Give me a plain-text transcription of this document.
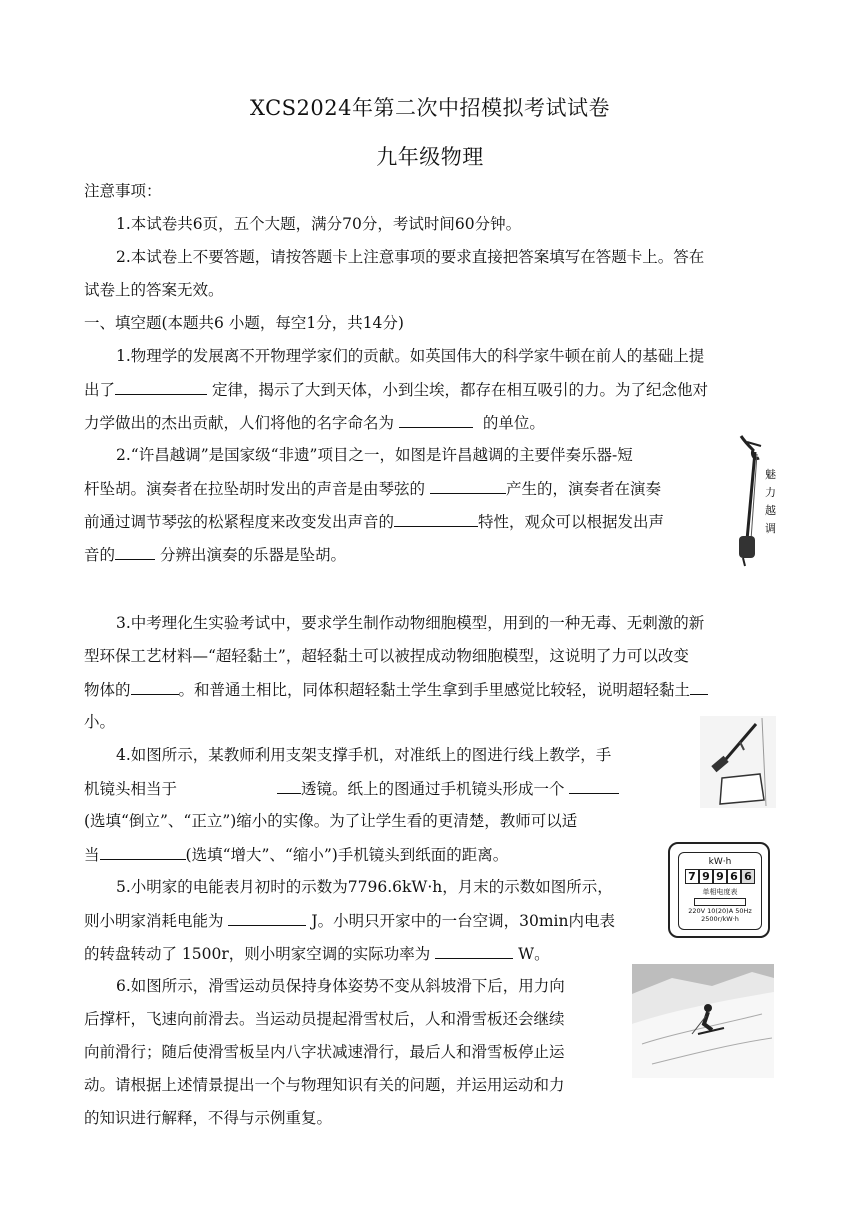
XCS2024年第二次中招模拟考试试卷
九年级物理
注意事项：
1.本试卷共6页，五个大题，满分70分，考试时间60分钟。
2.本试卷上不要答题，请按答题卡上注意事项的要求直接把答案填写在答题卡上。答在
试卷上的答案无效。
一、填空题(本题共6 小题，每空1分，共14分)
1.物理学的发展离不开物理学家们的贡献。如英国伟大的科学家牛顿在前人的基础上提
出了	定律，揭示了大到天体，小到尘埃，都存在相互吸引的力。为了纪念他对
力学做出的杰出贡献，人们将他的名字命名为	的单位。
2.“许昌越调”是国家级“非遗”项目之一，如图是许昌越调的主要伴奏乐器-短
杆坠胡。演奏者在拉坠胡时发出的声音是由琴弦的	产生的，演奏者在演奏
前通过调节琴弦的松紧程度来改变发出声音的	特性，观众可以根据发出声
音的	分辨出演奏的乐器是坠胡。
魅
力
越
调
3.中考理化生实验考试中，要求学生制作动物细胞模型，用到的一种无毒、无刺激的新
型环保工艺材料—“超轻黏土”，超轻黏土可以被捏成动物细胞模型，这说明了力可以改变
物体的	。和普通土相比，同体积超轻黏土学生拿到手里感觉比较轻，说明超轻黏土
小。
4.如图所示，某教师利用支架支撑手机，对准纸上的图进行线上教学，手
机镜头相当于	透镜。纸上的图通过手机镜头形成一个
(选填“倒立”、“正立”)缩小的实像。为了让学生看的更清楚，教师可以适
当	(选填“增大”、“缩小”)手机镜头到纸面的距离。
5.小明家的电能表月初时的示数为7796.6kW·h，月末的示数如图所示，
则小明家消耗电能为	J。小明只开家中的一台空调，30min内电表
的转盘转动了 1500r，则小明家空调的实际功率为	W。
kW·h
7 9 9 6 6
单相电度表
220V 10(20)A 50Hz
2500r/kW·h
6.如图所示，滑雪运动员保持身体姿势不变从斜坡滑下后，用力向
后撑杆，飞速向前滑去。当运动员提起滑雪杖后，人和滑雪板还会继续
向前滑行；随后使滑雪板呈内八字状减速滑行，最后人和滑雪板停止运
动。请根据上述情景提出一个与物理知识有关的问题，并运用运动和力
的知识进行解释，不得与示例重复。
